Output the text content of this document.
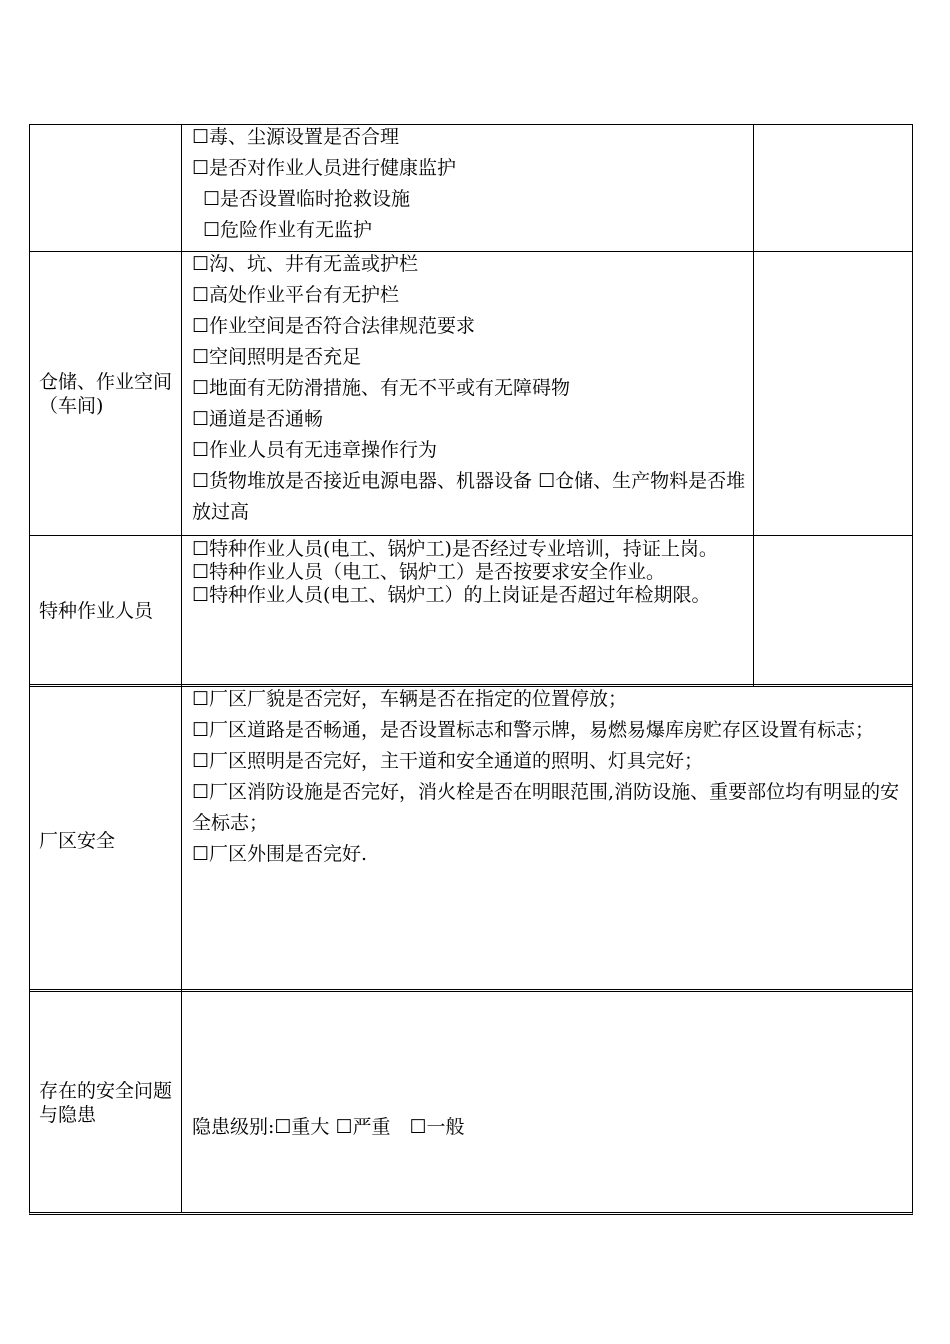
☐毒、尘源设置是否合理
☐是否对作业人员进行健康监护
☐是否设置临时抢救设施
☐危险作业有无监护
仓储、作业空间（车间)
☐沟、坑、井有无盖或护栏
☐高处作业平台有无护栏
☐作业空间是否符合法律规范要求
☐空间照明是否充足
☐地面有无防滑措施、有无不平或有无障碍物
☐通道是否通畅
☐作业人员有无违章操作行为
☐货物堆放是否接近电源电器、机器设备 ☐仓储、生产物料是否堆放过高
特种作业人员
☐特种作业人员(电工、锅炉工)是否经过专业培训，持证上岗。
☐特种作业人员（电工、锅炉工）是否按要求安全作业。
☐特种作业人员(电工、锅炉工）的上岗证是否超过年检期限。
厂区安全
☐厂区厂貌是否完好，车辆是否在指定的位置停放；
☐厂区道路是否畅通，是否设置标志和警示牌，易燃易爆库房贮存区设置有标志；
☐厂区照明是否完好，主干道和安全通道的照明、灯具完好；
☐厂区消防设施是否完好，消火栓是否在明眼范围,消防设施、重要部位均有明显的安全标志；
☐厂区外围是否完好.
存在的安全问题与隐患
隐患级别:☐重大 ☐严重　☐一般
